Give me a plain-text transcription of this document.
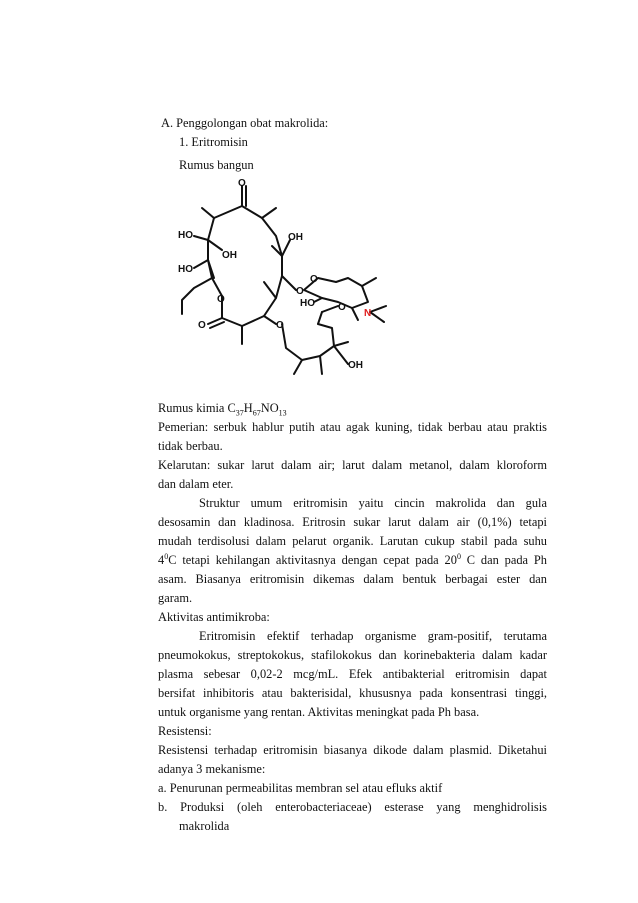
A. Penggolongan obat makrolida:
1. Eritromisin
Rumus bangun
HO
OH
HO
OH
O
O
O
O
O
HO
O
O
OH
N
Rumus kimia $C_{37}H_{67}NO_{13}$
Pemerian: serbuk hablur putih atau agak kuning, tidak berbau atau praktis
tidak berbau.
Kelarutan: sukar larut dalam air; larut dalam metanol, dalam kloroform
dan dalam eter.
Struktur umum eritromisin yaitu cincin makrolida dan gula
desosamin dan kladinosa. Eritrosin sukar larut dalam air (0,1%) tetapi
mudah terdisolusi dalam pelarut organik. Larutan cukup stabil pada suhu
$4^0C$ tetapi kehilangan aktivitasnya dengan cepat pada $20^0$ C dan pada Ph
asam. Biasanya eritromisin dikemas dalam bentuk berbagai ester dan
garam.
Aktivitas antimikroba:
Eritromisin efektif terhadap organisme gram-positif, terutama
pneumokokus, streptokokus, stafilokokus dan korinebakteria dalam kadar
plasma sebesar 0,02-2 mcg/mL. Efek antibakterial eritromisin dapat
bersifat inhibitoris atau bakterisidal, khususnya pada konsentrasi tinggi,
untuk organisme yang rentan. Aktivitas meningkat pada Ph basa.
Resistensi:
Resistensi terhadap eritromisin biasanya dikode dalam plasmid. Diketahui
adanya 3 mekanisme:
a. Penurunan permeabilitas membran sel atau efluks aktif
b. Produksi (oleh enterobacteriaceae) esterase yang menghidrolisis
makrolida
